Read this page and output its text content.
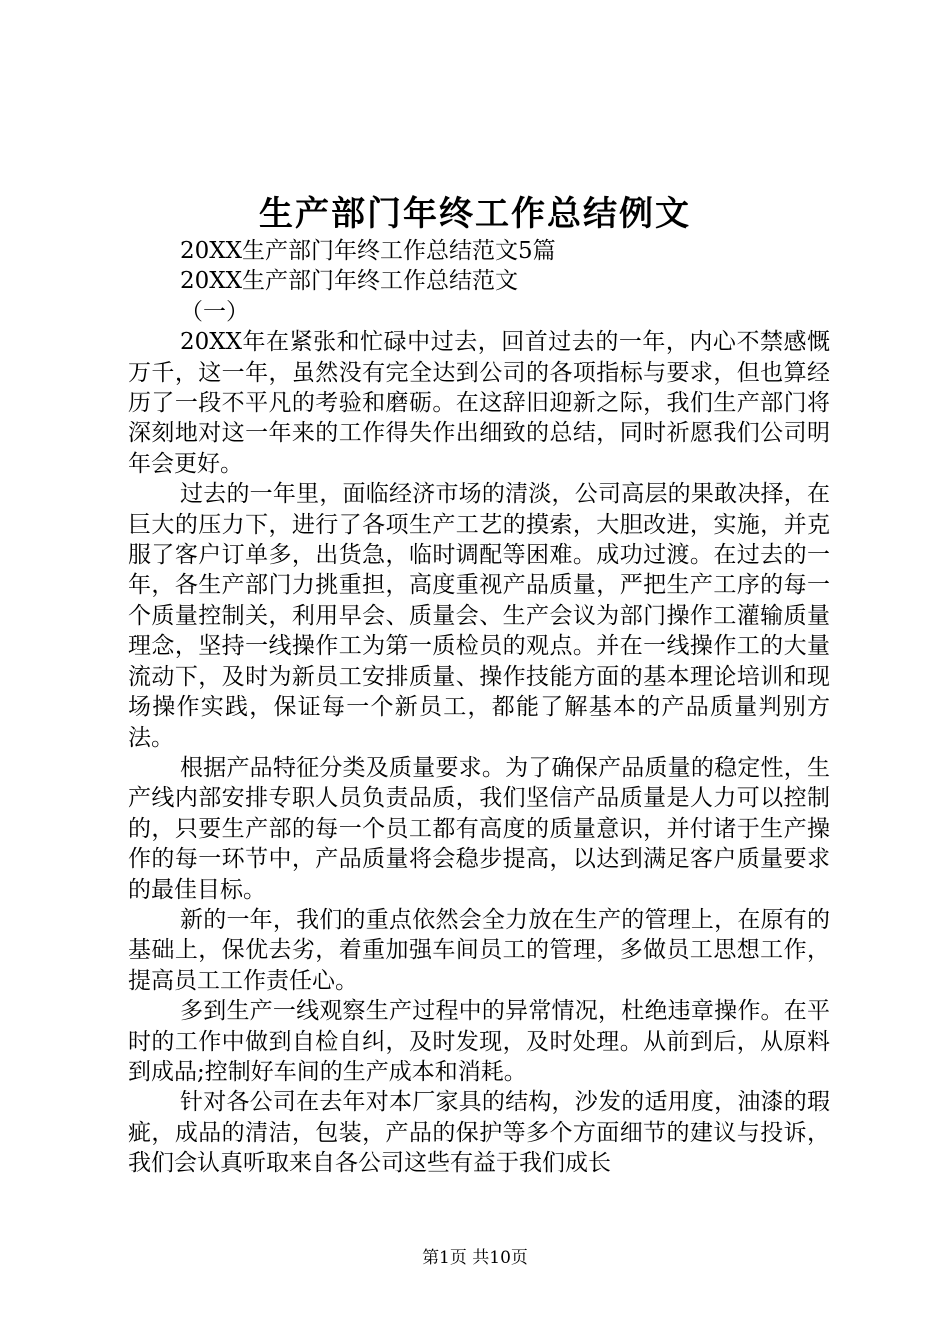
生产部门年终工作总结例文
20XX生产部门年终工作总结范文5篇
20XX生产部门年终工作总结范文
（一）

20XX年在紧张和忙碌中过去，回首过去的一年，内心不禁感慨万千，这一年，虽然没有完全达到公司的各项指标与要求，但也算经历了一段不平凡的考验和磨砺。在这辞旧迎新之际，我们生产部门将深刻地对这一年来的工作得失作出细致的总结，同时祈愿我们公司明年会更好。

过去的一年里，面临经济市场的清淡，公司高层的果敢决择，在巨大的压力下，进行了各项生产工艺的摸索，大胆改进，实施，并克服了客户订单多，出货急，临时调配等困难。成功过渡。在过去的一年，各生产部门力挑重担，高度重视产品质量，严把生产工序的每一个质量控制关，利用早会、质量会、生产会议为部门操作工灌输质量理念，坚持一线操作工为第一质检员的观点。并在一线操作工的大量流动下，及时为新员工安排质量、操作技能方面的基本理论培训和现场操作实践，保证每一个新员工，都能了解基本的产品质量判别方法。

根据产品特征分类及质量要求。为了确保产品质量的稳定性，生产线内部安排专职人员负责品质，我们坚信产品质量是人力可以控制的，只要生产部的每一个员工都有高度的质量意识，并付诸于生产操作的每一环节中，产品质量将会稳步提高，以达到满足客户质量要求的最佳目标。

新的一年，我们的重点依然会全力放在生产的管理上，在原有的基础上，保优去劣，着重加强车间员工的管理，多做员工思想工作，提高员工工作责任心。

多到生产一线观察生产过程中的异常情况，杜绝违章操作。在平时的工作中做到自检自纠，及时发现，及时处理。从前到后，从原料到成品;控制好车间的生产成本和消耗。

针对各公司在去年对本厂家具的结构，沙发的适用度，油漆的瑕疵，成品的清洁，包装，产品的保护等多个方面细节的建议与投诉，我们会认真听取来自各公司这些有益于我们成长

第1页 共10页
